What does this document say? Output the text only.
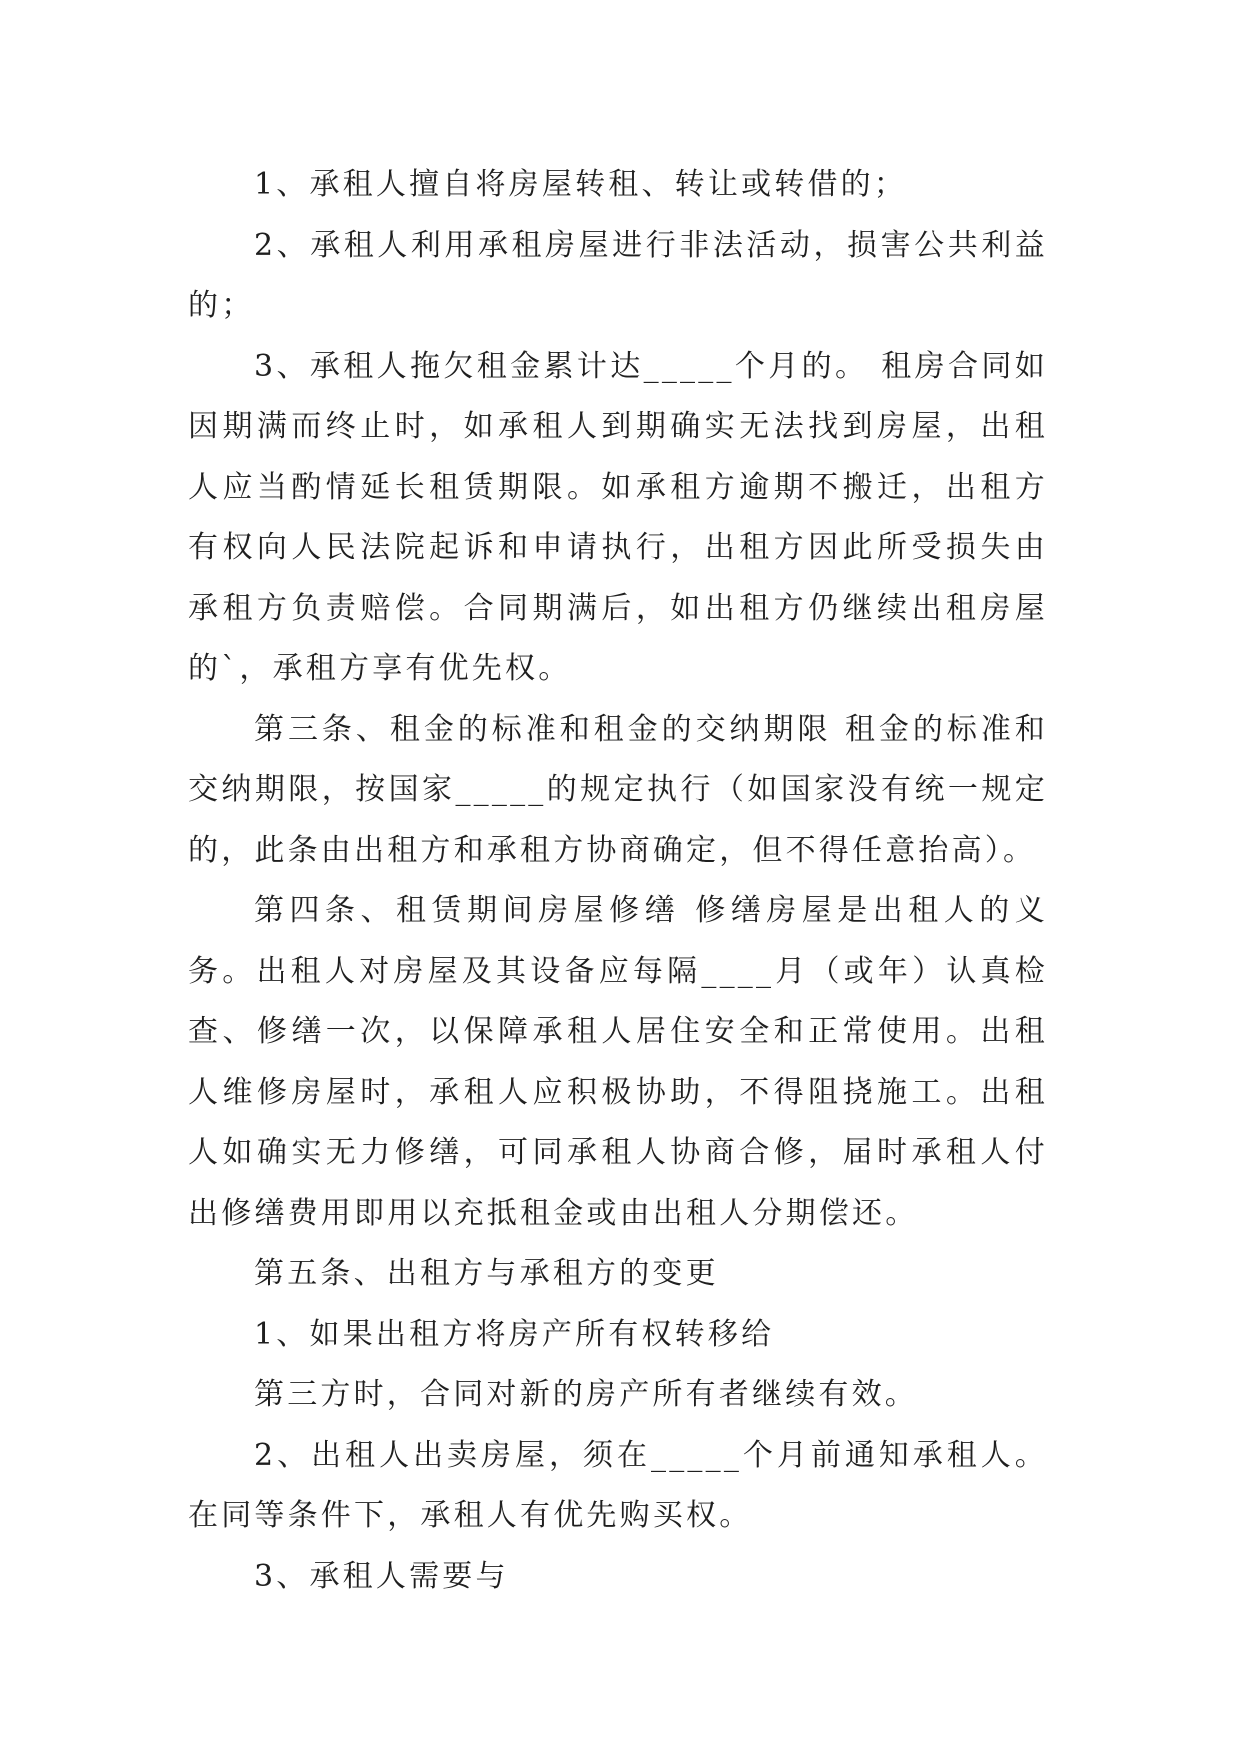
1、承租人擅自将房屋转租、转让或转借的；

2、承租人利用承租房屋进行非法活动，损害公共利益的；

3、承租人拖欠租金累计达_____个月的。 租房合同如因期满而终止时，如承租人到期确实无法找到房屋，出租人应当酌情延长租赁期限。如承租方逾期不搬迁，出租方有权向人民法院起诉和申请执行，出租方因此所受损失由承租方负责赔偿。合同期满后，如出租方仍继续出租房屋的`，承租方享有优先权。

第三条、租金的标准和租金的交纳期限 租金的标准和交纳期限，按国家_____的规定执行（如国家没有统一规定的，此条由出租方和承租方协商确定，但不得任意抬高）。

第四条、租赁期间房屋修缮 修缮房屋是出租人的义务。出租人对房屋及其设备应每隔____月（或年）认真检查、修缮一次，以保障承租人居住安全和正常使用。出租人维修房屋时，承租人应积极协助，不得阻挠施工。出租人如确实无力修缮，可同承租人协商合修，届时承租人付出修缮费用即用以充抵租金或由出租人分期偿还。

第五条、出租方与承租方的变更

1、如果出租方将房产所有权转移给

第三方时，合同对新的房产所有者继续有效。

2、出租人出卖房屋，须在_____个月前通知承租人。在同等条件下，承租人有优先购买权。

3、承租人需要与
